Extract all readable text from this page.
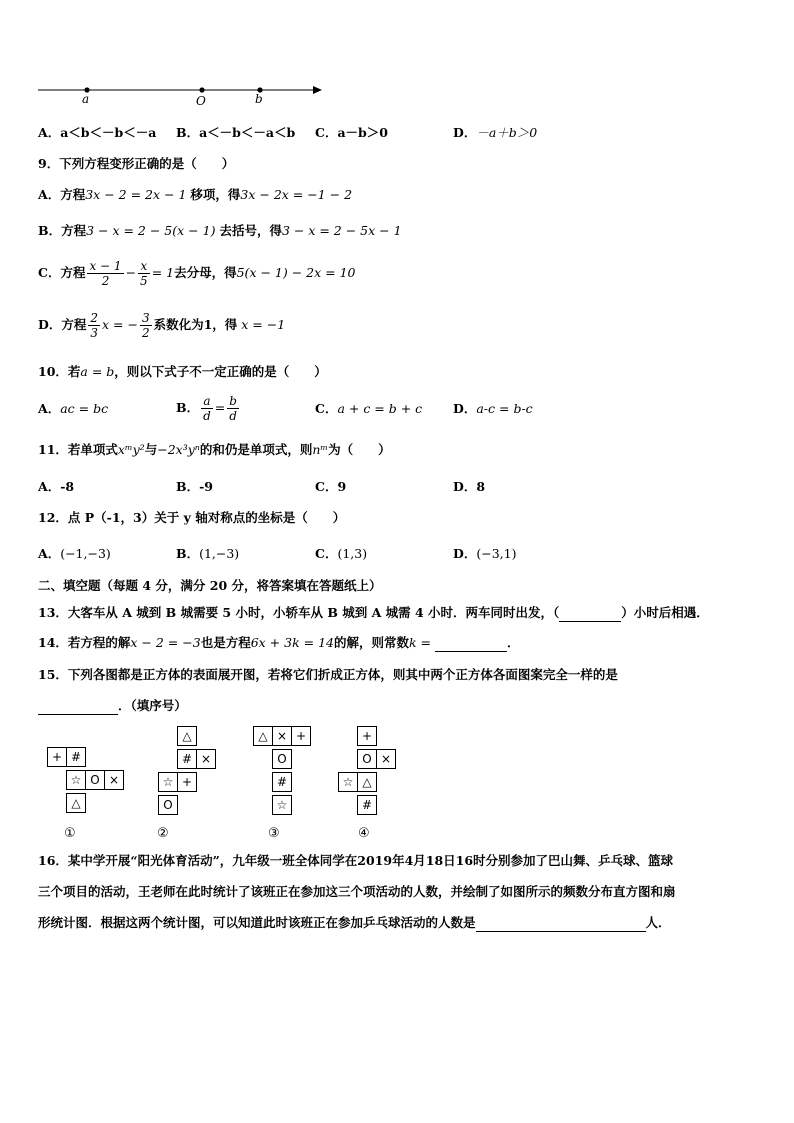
a	O	b
A．a＜b＜－b＜－a B．a＜－b＜－a＜b C．a－b＞0	D．－a＋b＞0
9．下列方程变形正确的是（　　）
A．方程3x − 2 = 2x − 1 移项，得3x − 2x = −1 − 2
B．方程3 − x = 2 − 5(x − 1) 去括号，得3 − x = 2 − 5x − 1
C．方程 $\frac{x - 1}{2} - \frac{x}{5} = 1$去分母，得5(x − 1) − 2x = 10
D．方程 $\frac{2}{3}$ x = − $\frac{3}{2}$ 系数化为1，得 x = −1
10．若a = b，则以下式子不一定正确的是（　　）
A．ac = bc	B． $\frac{a}{d} = \frac{b}{d}$	C．a + c = b + c D．a-c = b-c
11．若单项式xᵐy²与−2x³yⁿ的和仍是单项式，则nᵐ为（　　）
A．-8	B．-9	C．9	D．8
12．点 P（-1，3）关于 y 轴对称点的坐标是（　　）
A．(−1,−3)	B．(1,−3)	C．(1,3)	D．(−3,1)
二、填空题（每题 4 分，满分 20 分，将答案填在答题纸上）
13．大客车从 A 城到 B 城需要 5 小时，小轿车从 B 城到 A 城需 4 小时．两车同时出发，（	）小时后相遇．
14．若方程的解x − 2 = −3也是方程6x + 3k = 14的解，则常数k =	．
15．下列各图都是正方体的表面展开图，若将它们折成正方体，则其中两个正方体各面图案完全一样的是
．（填序号）
+ #
☆ O ×
△
①
△
# ×
☆ +
O
②
△ × +
O
#
☆
③
+
O ×
☆ △
#
④
16．某中学开展“阳光体育活动”，九年级一班全体同学在2019年4月18日16时分别参加了巴山舞、乒乓球、篮球
三个项目的活动，王老师在此时统计了该班正在参加这三个项活动的人数，并绘制了如图所示的频数分布直方图和扇
形统计图．根据这两个统计图，可以知道此时该班正在参加乒乓球活动的人数是	人．
